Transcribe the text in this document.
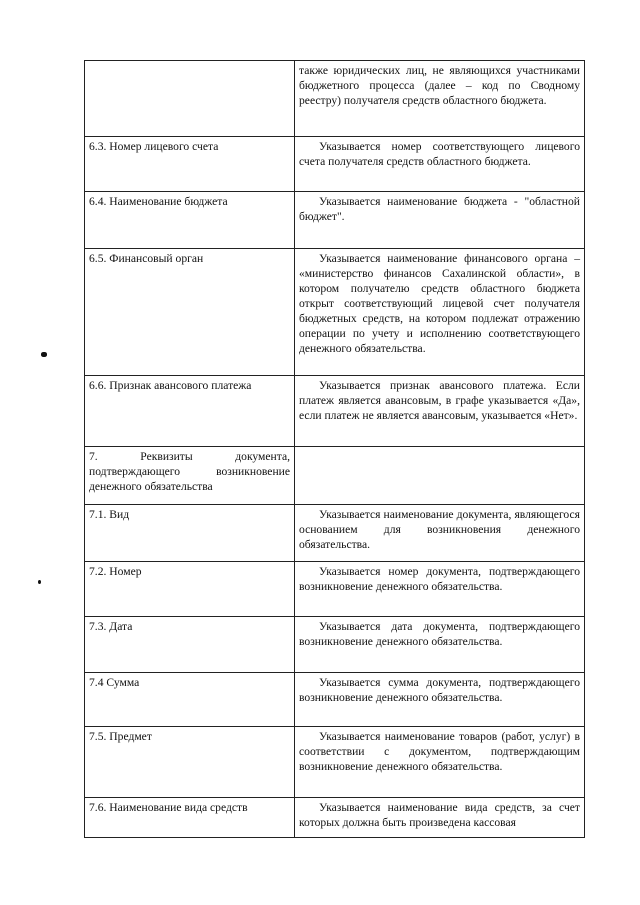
	также юридических лиц, не являющихся участниками бюджетного процесса (далее – код по Сводному реестру) получателя средств областного бюджета.
6.3. Номер лицевого счета	Указывается номер соответствующего лицевого счета получателя средств областного бюджета.
6.4. Наименование бюджета	Указывается наименование бюджета - "областной бюджет".
6.5. Финансовый орган	Указывается наименование финансового органа – «министерство финансов Сахалинской области», в котором получателю средств областного бюджета открыт соответствующий лицевой счет получателя бюджетных средств, на котором подлежат отражению операции по учету и исполнению соответствующего денежного обязательства.
6.6. Признак авансового платежа	Указывается признак авансового платежа. Если платеж является авансовым, в графе указывается «Да», если платеж не является авансовым, указывается «Нет».
7. Реквизиты документа, подтверждающего возникновение денежного обязательства	
7.1. Вид	Указывается наименование документа, являющегося основанием для возникновения денежного обязательства.
7.2. Номер	Указывается номер документа, подтверждающего возникновение денежного обязательства.
7.3. Дата	Указывается дата документа, подтверждающего возникновение денежного обязательства.
7.4 Сумма	Указывается сумма документа, подтверждающего возникновение денежного обязательства.
7.5. Предмет	Указывается наименование товаров (работ, услуг) в соответствии с документом, подтверждающим возникновение денежного обязательства.
7.6. Наименование вида средств	Указывается наименование вида средств, за счет которых должна быть произведена кассовая
